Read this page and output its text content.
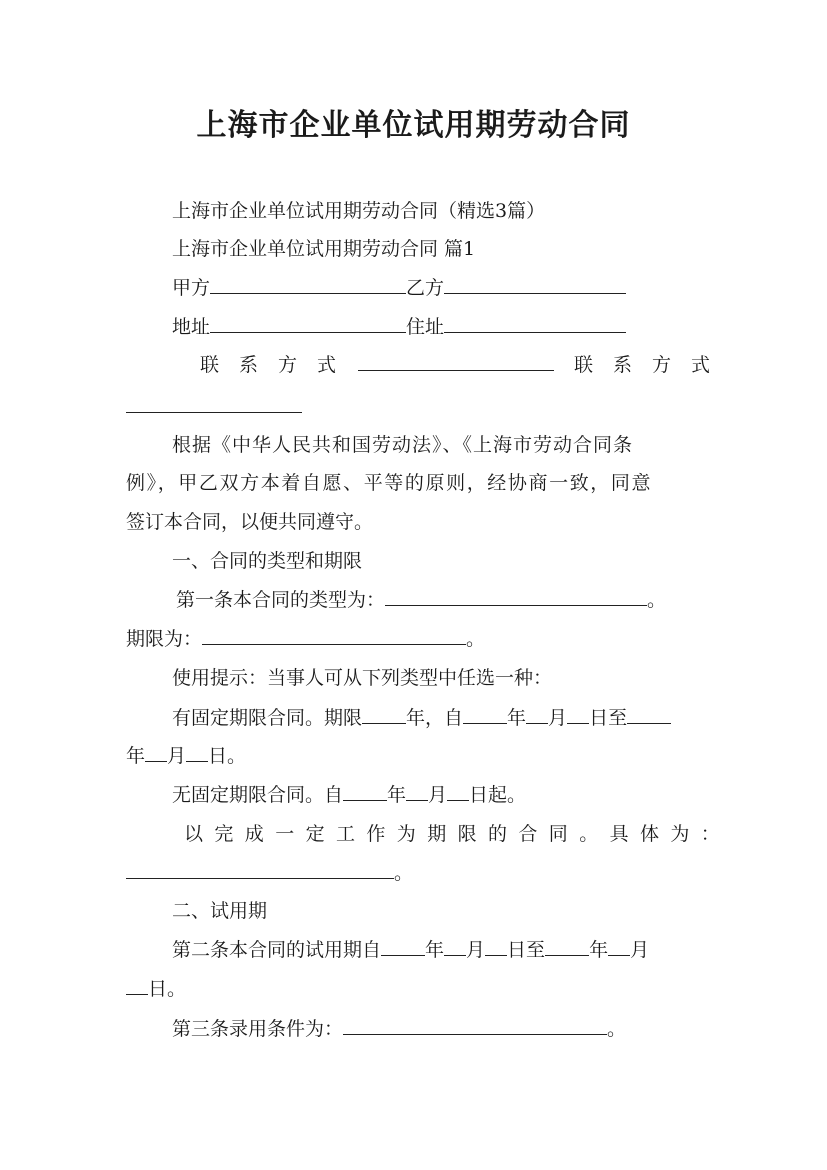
上海市企业单位试用期劳动合同
上海市企业单位试用期劳动合同（精选3篇）
上海市企业单位试用期劳动合同 篇1
甲方	乙方
地址	住址
联系方式	联系方式
根据《中华人民共和国劳动法》、《上海市劳动合同条
例》，甲乙双方本着自愿、平等的原则，经协商一致，同意
签订本合同，以便共同遵守。
一、合同的类型和期限
第一条本合同的类型为：	。
期限为：	。
使用提示：当事人可从下列类型中任选一种：
有固定期限合同。期限 年，自 年 月 日至
年 月 日。
无固定期限合同。自 年 月 日起。
以完成一定工作为期限的合同。具体为：
。
二、试用期
第二条本合同的试用期自 年 月 日至 年 月
日。
第三条录用条件为：	。
